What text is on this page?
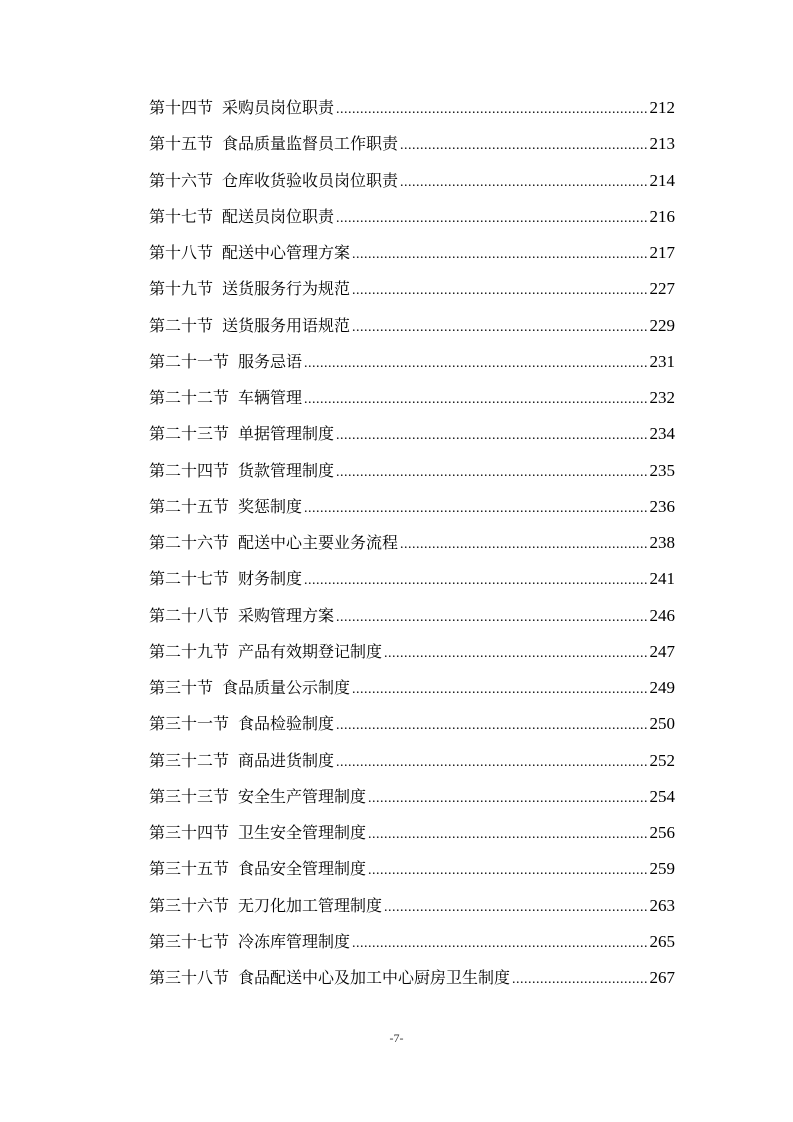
第十四节 采购员岗位职责 .....	212
第十五节 食品质量监督员工作职责 .....	213
第十六节 仓库收货验收员岗位职责 .....	214
第十七节 配送员岗位职责 .....	216
第十八节 配送中心管理方案 .....	217
第十九节 送货服务行为规范 .....	227
第二十节 送货服务用语规范 .....	229
第二十一节 服务忌语 .....	231
第二十二节 车辆管理 .....	232
第二十三节 单据管理制度 .....	234
第二十四节 货款管理制度 .....	235
第二十五节 奖惩制度 .....	236
第二十六节 配送中心主要业务流程 .....	238
第二十七节 财务制度 .....	241
第二十八节 采购管理方案 .....	246
第二十九节 产品有效期登记制度 .....	247
第三十节 食品质量公示制度 .....	249
第三十一节 食品检验制度 .....	250
第三十二节 商品进货制度 .....	252
第三十三节 安全生产管理制度 .....	254
第三十四节 卫生安全管理制度 .....	256
第三十五节 食品安全管理制度 .....	259
第三十六节 无刀化加工管理制度 .....	263
第三十七节 冷冻库管理制度 .....	265
第三十八节 食品配送中心及加工中心厨房卫生制度 .....	267
-7-
